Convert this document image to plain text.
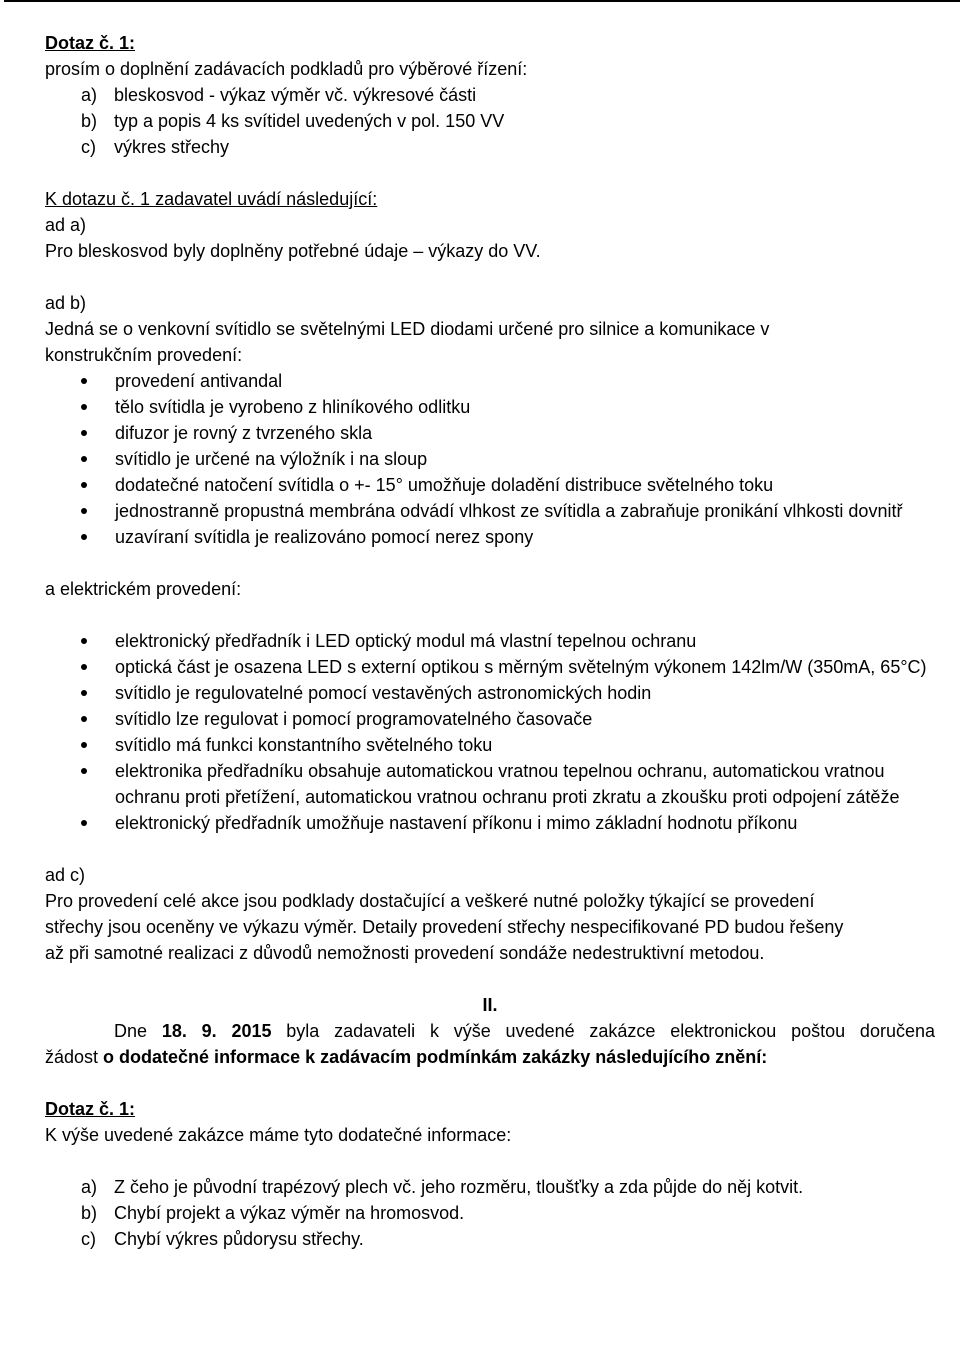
Dotaz č. 1:

prosím o doplnění zadávacích podkladů pro výběrové řízení:

a) bleskosvod - výkaz výměr vč. výkresové části
b) typ a popis 4 ks svítidel uvedených v pol. 150 VV
c) výkres střechy

K dotazu č. 1 zadavatel uvádí následující:

ad a)

Pro bleskosvod byly doplněny potřebné údaje – výkazy do VV.

ad b)

Jedná se o venkovní svítidlo se světelnými LED diodami určené pro silnice a komunikace v

konstrukčním provedení:

provedení antivandal
tělo svítidla je vyrobeno z hliníkového odlitku
difuzor je rovný z tvrzeného skla
svítidlo je určené na výložník i na sloup
dodatečné natočení svítidla o +- 15° umožňuje doladění distribuce světelného toku
jednostranně propustná membrána odvádí vlhkost ze svítidla a zabraňuje pronikání vlhkosti dovnitř
uzavíraní svítidla je realizováno pomocí nerez spony

a elektrickém provedení:

elektronický předřadník i LED optický modul má vlastní tepelnou ochranu
optická část je osazena LED s externí optikou s měrným světelným výkonem 142lm/W (350mA, 65°C)
svítidlo je regulovatelné pomocí vestavěných astronomických hodin
svítidlo lze regulovat i pomocí programovatelného časovače
svítidlo má funkci konstantního světelného toku
elektronika předřadníku obsahuje automatickou vratnou tepelnou ochranu, automatickou vratnou ochranu proti přetížení, automatickou vratnou ochranu proti zkratu a zkoušku proti odpojení zátěže
elektronický předřadník umožňuje nastavení příkonu i mimo základní hodnotu příkonu

ad c)

Pro provedení celé akce jsou podklady dostačující a veškeré nutné položky týkající se provedení

střechy jsou oceněny ve výkazu výměr. Detaily provedení střechy nespecifikované PD budou řešeny

až při samotné realizaci z důvodů nemožnosti provedení sondáže nedestruktivní metodou.

II.

Dne 18. 9. 2015 byla zadavateli k výše uvedené zakázce elektronickou poštou doručena

žádost o dodatečné informace k zadávacím podmínkám zakázky následujícího znění:

Dotaz č. 1:

K výše uvedené zakázce máme tyto dodatečné informace:

a) Z čeho je původní trapézový plech vč. jeho rozměru, tloušťky a zda půjde do něj kotvit.
b) Chybí projekt a výkaz výměr na hromosvod.
c) Chybí výkres půdorysu střechy.
